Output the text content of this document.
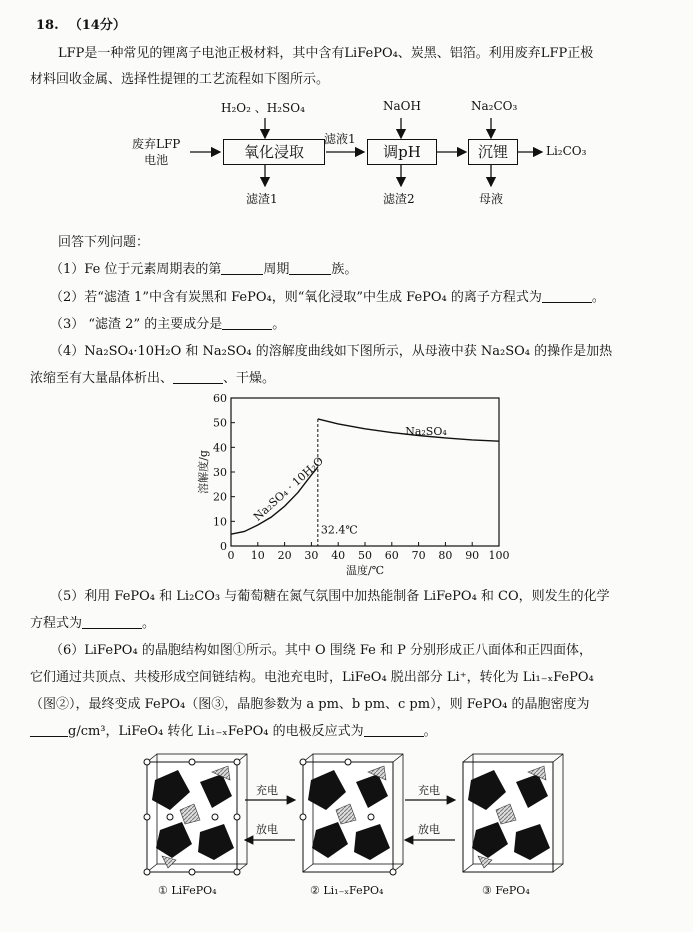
18. （14分）
LFP是一种常见的锂离子电池正极材料，其中含有LiFePO₄、炭黑、铝箔。利用废弃LFP正极
材料回收金属、选择性提锂的工艺流程如下图所示。
H₂O₂ 、H₂SO₄	NaOH	Na₂CO₃
废弃LFP
电池	氧化浸取
滤液1
调pH	沉锂	Li₂CO₃
滤渣1	滤渣2	母液
回答下列问题：
（1）Fe 位于元素周期表的第	周期	族。
（2）若“滤渣 1”中含有炭黑和 FePO₄，则“氧化浸取”中生成 FePO₄ 的离子方程式为	。
（3） “滤渣 2” 的主要成分是	。
（4）Na₂SO₄·10H₂O 和 Na₂SO₄ 的溶解度曲线如下图所示，从母液中获 Na₂SO₄ 的操作是加热
浓缩至有大量晶体析出、	、干燥。
0 10 20 30 40 50 60 70 80 90 100
0
10
20
30
40
50
60
32.4℃
Na₂SO₄ · 10H₂O
Na₂SO₄
温度/℃
溶解度/g
（5）利用 FePO₄ 和 Li₂CO₃ 与葡萄糖在氮气氛围中加热能制备 LiFePO₄ 和 CO，则发生的化学
方程式为	。
（6）LiFePO₄ 的晶胞结构如图①所示。其中 O 围绕 Fe 和 P 分别形成正八面体和正四面体，
它们通过共顶点、共棱形成空间链结构。电池充电时，LiFeO₄ 脱出部分 Li⁺，转化为 Li₁₋ₓFePO₄
（图②），最终变成 FePO₄（图③，晶胞参数为 a pm、b pm、c pm），则 FePO₄ 的晶胞密度为
g/cm³，LiFeO₄ 转化 Li₁₋ₓFePO₄ 的电极反应式为	。
充电
放电
充电
放电
① LiFePO₄	② Li₁₋ₓFePO₄	③ FePO₄
